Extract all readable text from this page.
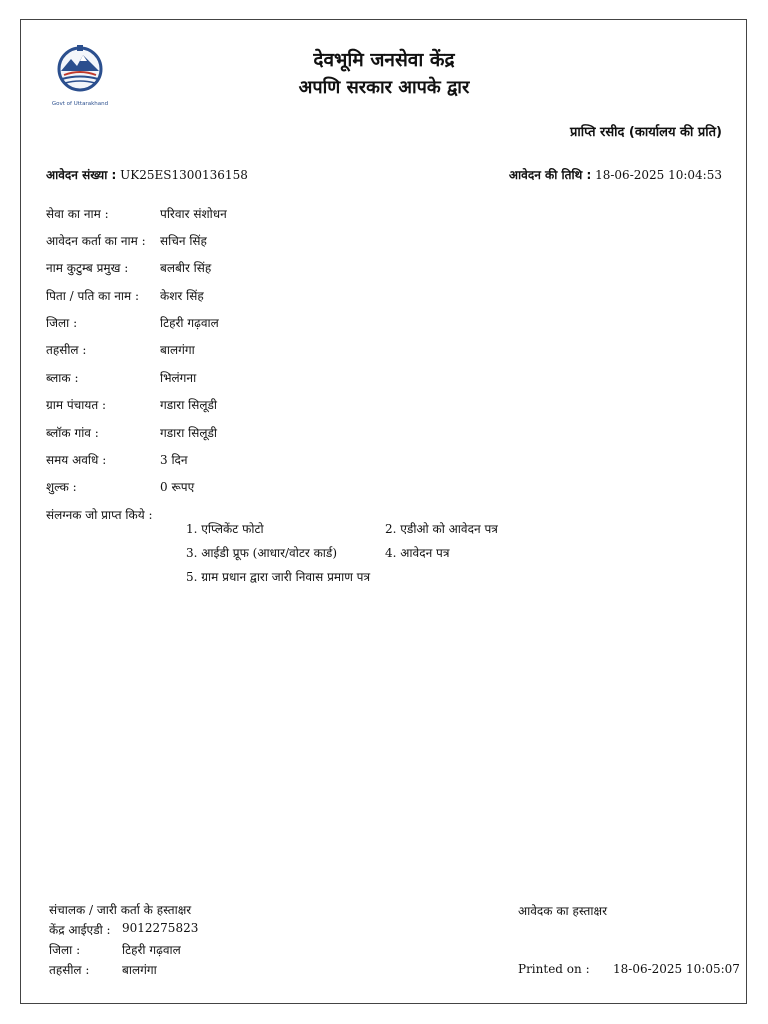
Govt of Uttarakhand
देवभूमि जनसेवा केंद्र
अपणि सरकार आपके द्वार
प्राप्ति रसीद (कार्यालय की प्रति)
आवेदन संख्या : UK25ES1300136158	आवेदन की तिथि : 18-06-2025 10:04:53
सेवा का नाम :	परिवार संशोधन
आवेदन कर्ता का नाम : सचिन सिंह
नाम कुटुम्ब प्रमुख :	बलबीर सिंह
पिता / पति का नाम : केशर सिंह
जिला :	टिहरी गढ़वाल
तहसील :	बालगंगा
ब्लाक :	भिलंगना
ग्राम पंचायत :	गडारा सिलूडी
ब्लॉक गांव :	गडारा सिलूडी
समय अवधि :	3 दिन
शुल्क :	0 रूपए
संलग्नक जो प्राप्त किये :
1. एप्लिकेंट फोटो	2. एडीओ को आवेदन पत्र
3. आईडी प्रूफ (आधार/वोटर कार्ड)	4. आवेदन पत्र
5. ग्राम प्रधान द्वारा जारी निवास प्रमाण पत्र
संचालक / जारी कर्ता के हस्ताक्षर
केंद्र आईएडी : 9012275823
जिला :	टिहरी गढ़वाल
तहसील :	बालगंगा
आवेदक का हस्ताक्षर
Printed on : 18-06-2025 10:05:07
